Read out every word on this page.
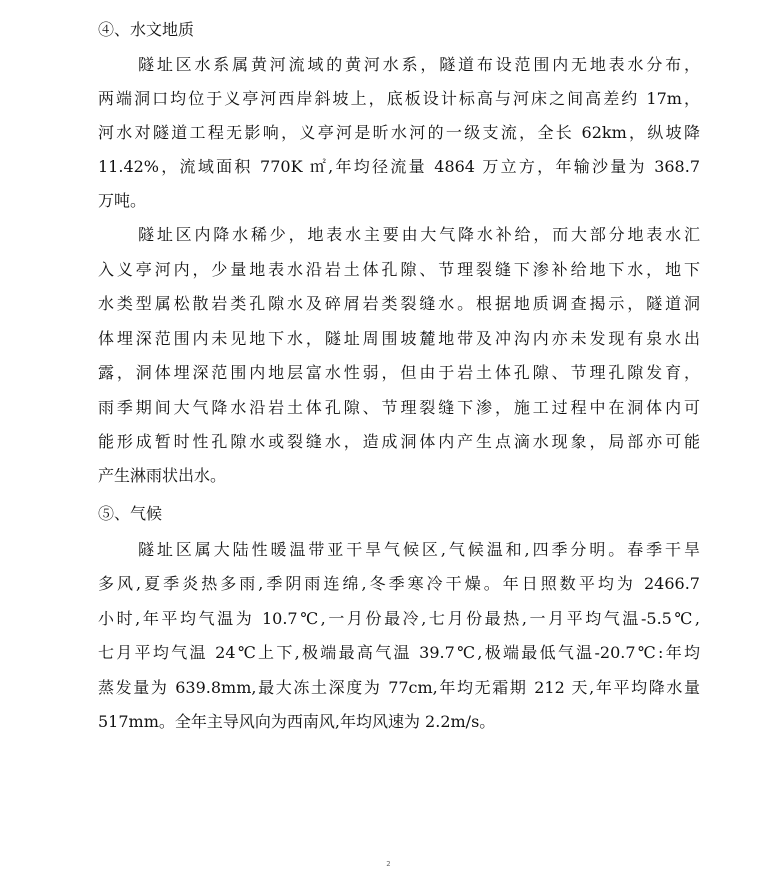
④、水文地质
隧址区水系属黄河流域的黄河水系，隧道布设范围内无地表水分布，
两端洞口均位于义亭河西岸斜坡上，底板设计标高与河床之间高差约 17m，
河水对隧道工程无影响，义亭河是昕水河的一级支流，全长 62km，纵坡降
11.42%，流域面积 770K ㎡,年均径流量 4864 万立方，年输沙量为 368.7
万吨。
隧址区内降水稀少，地表水主要由大气降水补给，而大部分地表水汇
入义亭河内，少量地表水沿岩土体孔隙、节理裂缝下渗补给地下水，地下
水类型属松散岩类孔隙水及碎屑岩类裂缝水。根据地质调查揭示，隧道洞
体埋深范围内未见地下水，隧址周围坡麓地带及冲沟内亦未发现有泉水出
露，洞体埋深范围内地层富水性弱，但由于岩土体孔隙、节理孔隙发育，
雨季期间大气降水沿岩土体孔隙、节理裂缝下渗，施工过程中在洞体内可
能形成暂时性孔隙水或裂缝水，造成洞体内产生点滴水现象，局部亦可能
产生淋雨状出水。
⑤、气候
隧址区属大陆性暖温带亚干旱气候区,气候温和,四季分明。春季干旱
多风,夏季炎热多雨,季阴雨连绵,冬季寒冷干燥。年日照数平均为 2466.7
小时,年平均气温为 10.7℃,一月份最冷,七月份最热,一月平均气温-5.5℃,
七月平均气温 24℃上下,极端最高气温 39.7℃,极端最低气温-20.7℃:年均
蒸发量为 639.8mm,最大冻土深度为 77cm,年均无霜期 212 天,年平均降水量
517mm。全年主导风向为西南风,年均风速为 2.2m/s。
2
